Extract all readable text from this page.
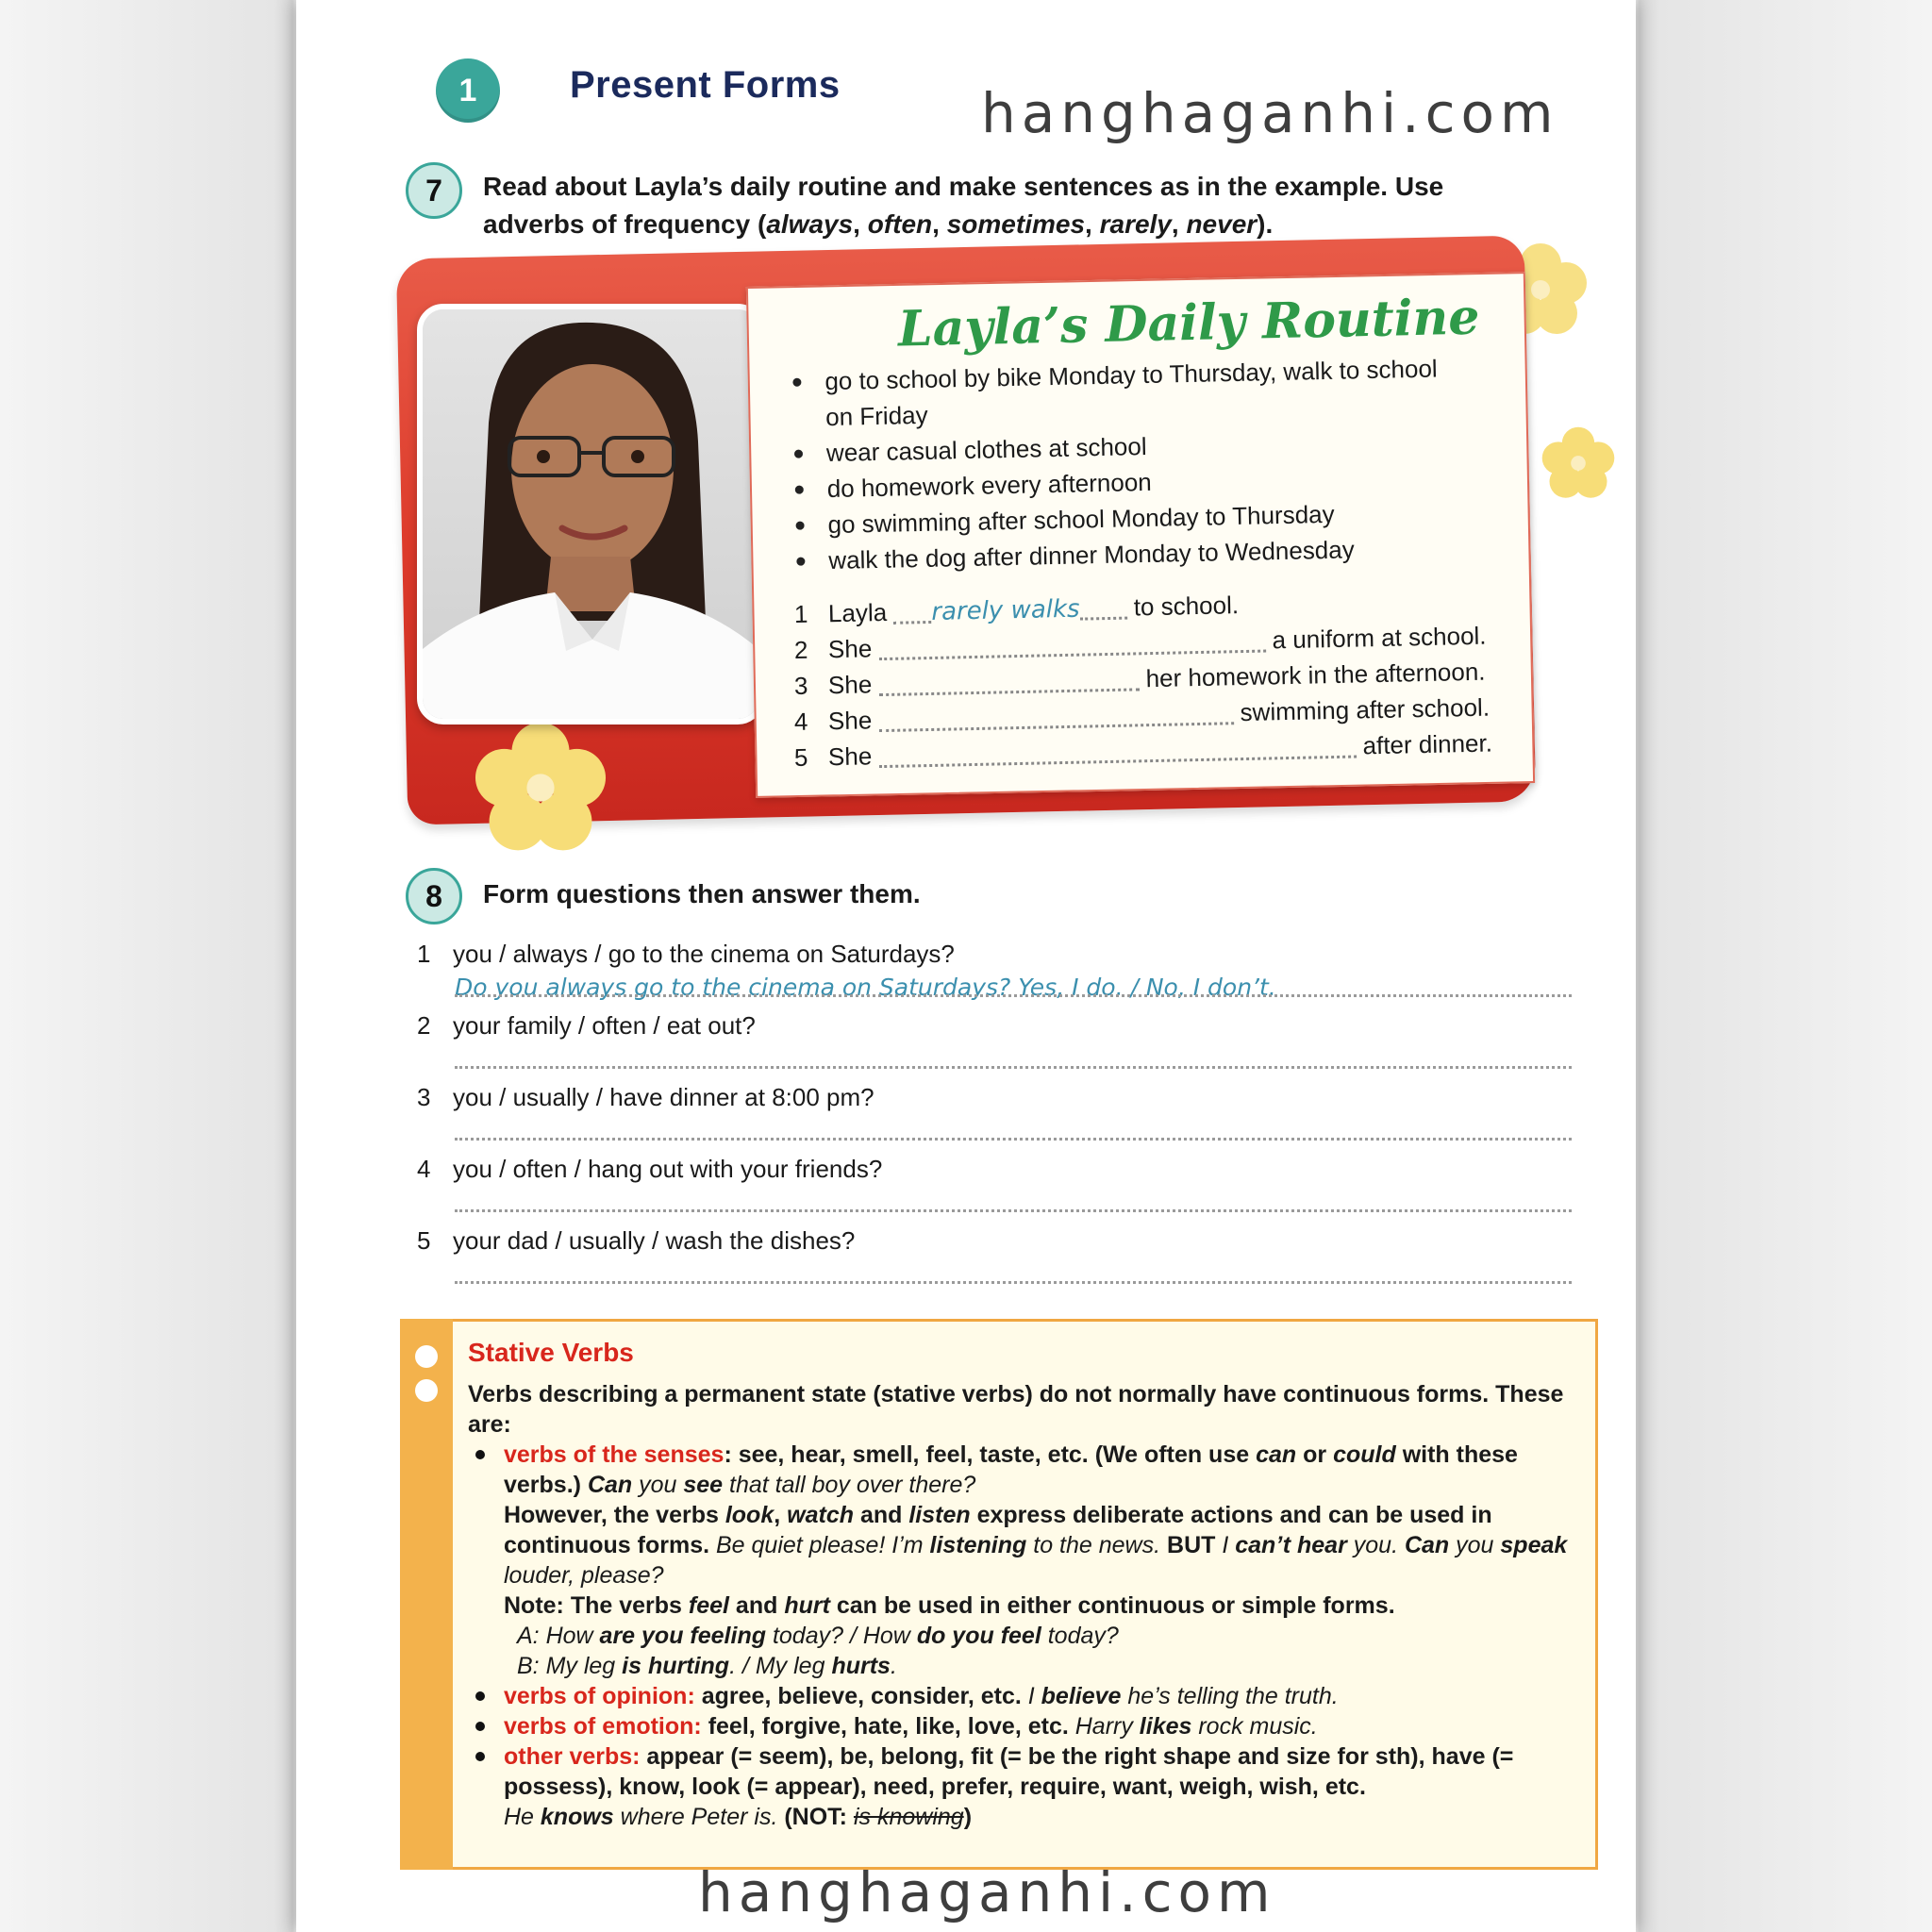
1	Present Forms	hanghaganhi.com
7	Read about Layla’s daily routine and make sentences as in the example. Use
adverbs of frequency (always, often, sometimes, rarely, never).
Layla’s Daily Routine
go to school by bike Monday to Thursday, walk to school on Friday
wear casual clothes at school
do homework every afternoon
go swimming after school Monday to Thursday
walk the dog after dinner Monday to Wednesday
1 Layla rarely walks to school.
2 She	a uniform at school.
3 She	her homework in the afternoon.
4 She	swimming after school.
5 She	after dinner.
8	Form questions then answer them.
1 you / always / go to the cinema on Saturdays?
Do you always go to the cinema on Saturdays? Yes, I do. / No, I don’t.
2 your family / often / eat out?
3 you / usually / have dinner at 8:00 pm?
4 you / often / hang out with your friends?
5 your dad / usually / wash the dishes?
Stative Verbs
Verbs describing a permanent state (stative verbs) do not normally have continuous forms. These are:
verbs of the senses: see, hear, smell, feel, taste, etc. (We often use can or could with these verbs.) Can you see that tall boy over there?
However, the verbs look, watch and listen express deliberate actions and can be used in continuous forms. Be quiet please! I’m listening to the news. BUT I can’t hear you. Can you speak louder, please?
Note: The verbs feel and hurt can be used in either continuous or simple forms.
A: How are you feeling today? / How do you feel today?
B: My leg is hurting. / My leg hurts.
verbs of opinion: agree, believe, consider, etc. I believe he’s telling the truth.
verbs of emotion: feel, forgive, hate, like, love, etc. Harry likes rock music.
other verbs: appear (= seem), be, belong, fit (= be the right shape and size for sth), have (= possess), know, look (= appear), need, prefer, require, want, weigh, wish, etc.
He knows where Peter is. (NOT: is knowing)
hanghaganhi.com
